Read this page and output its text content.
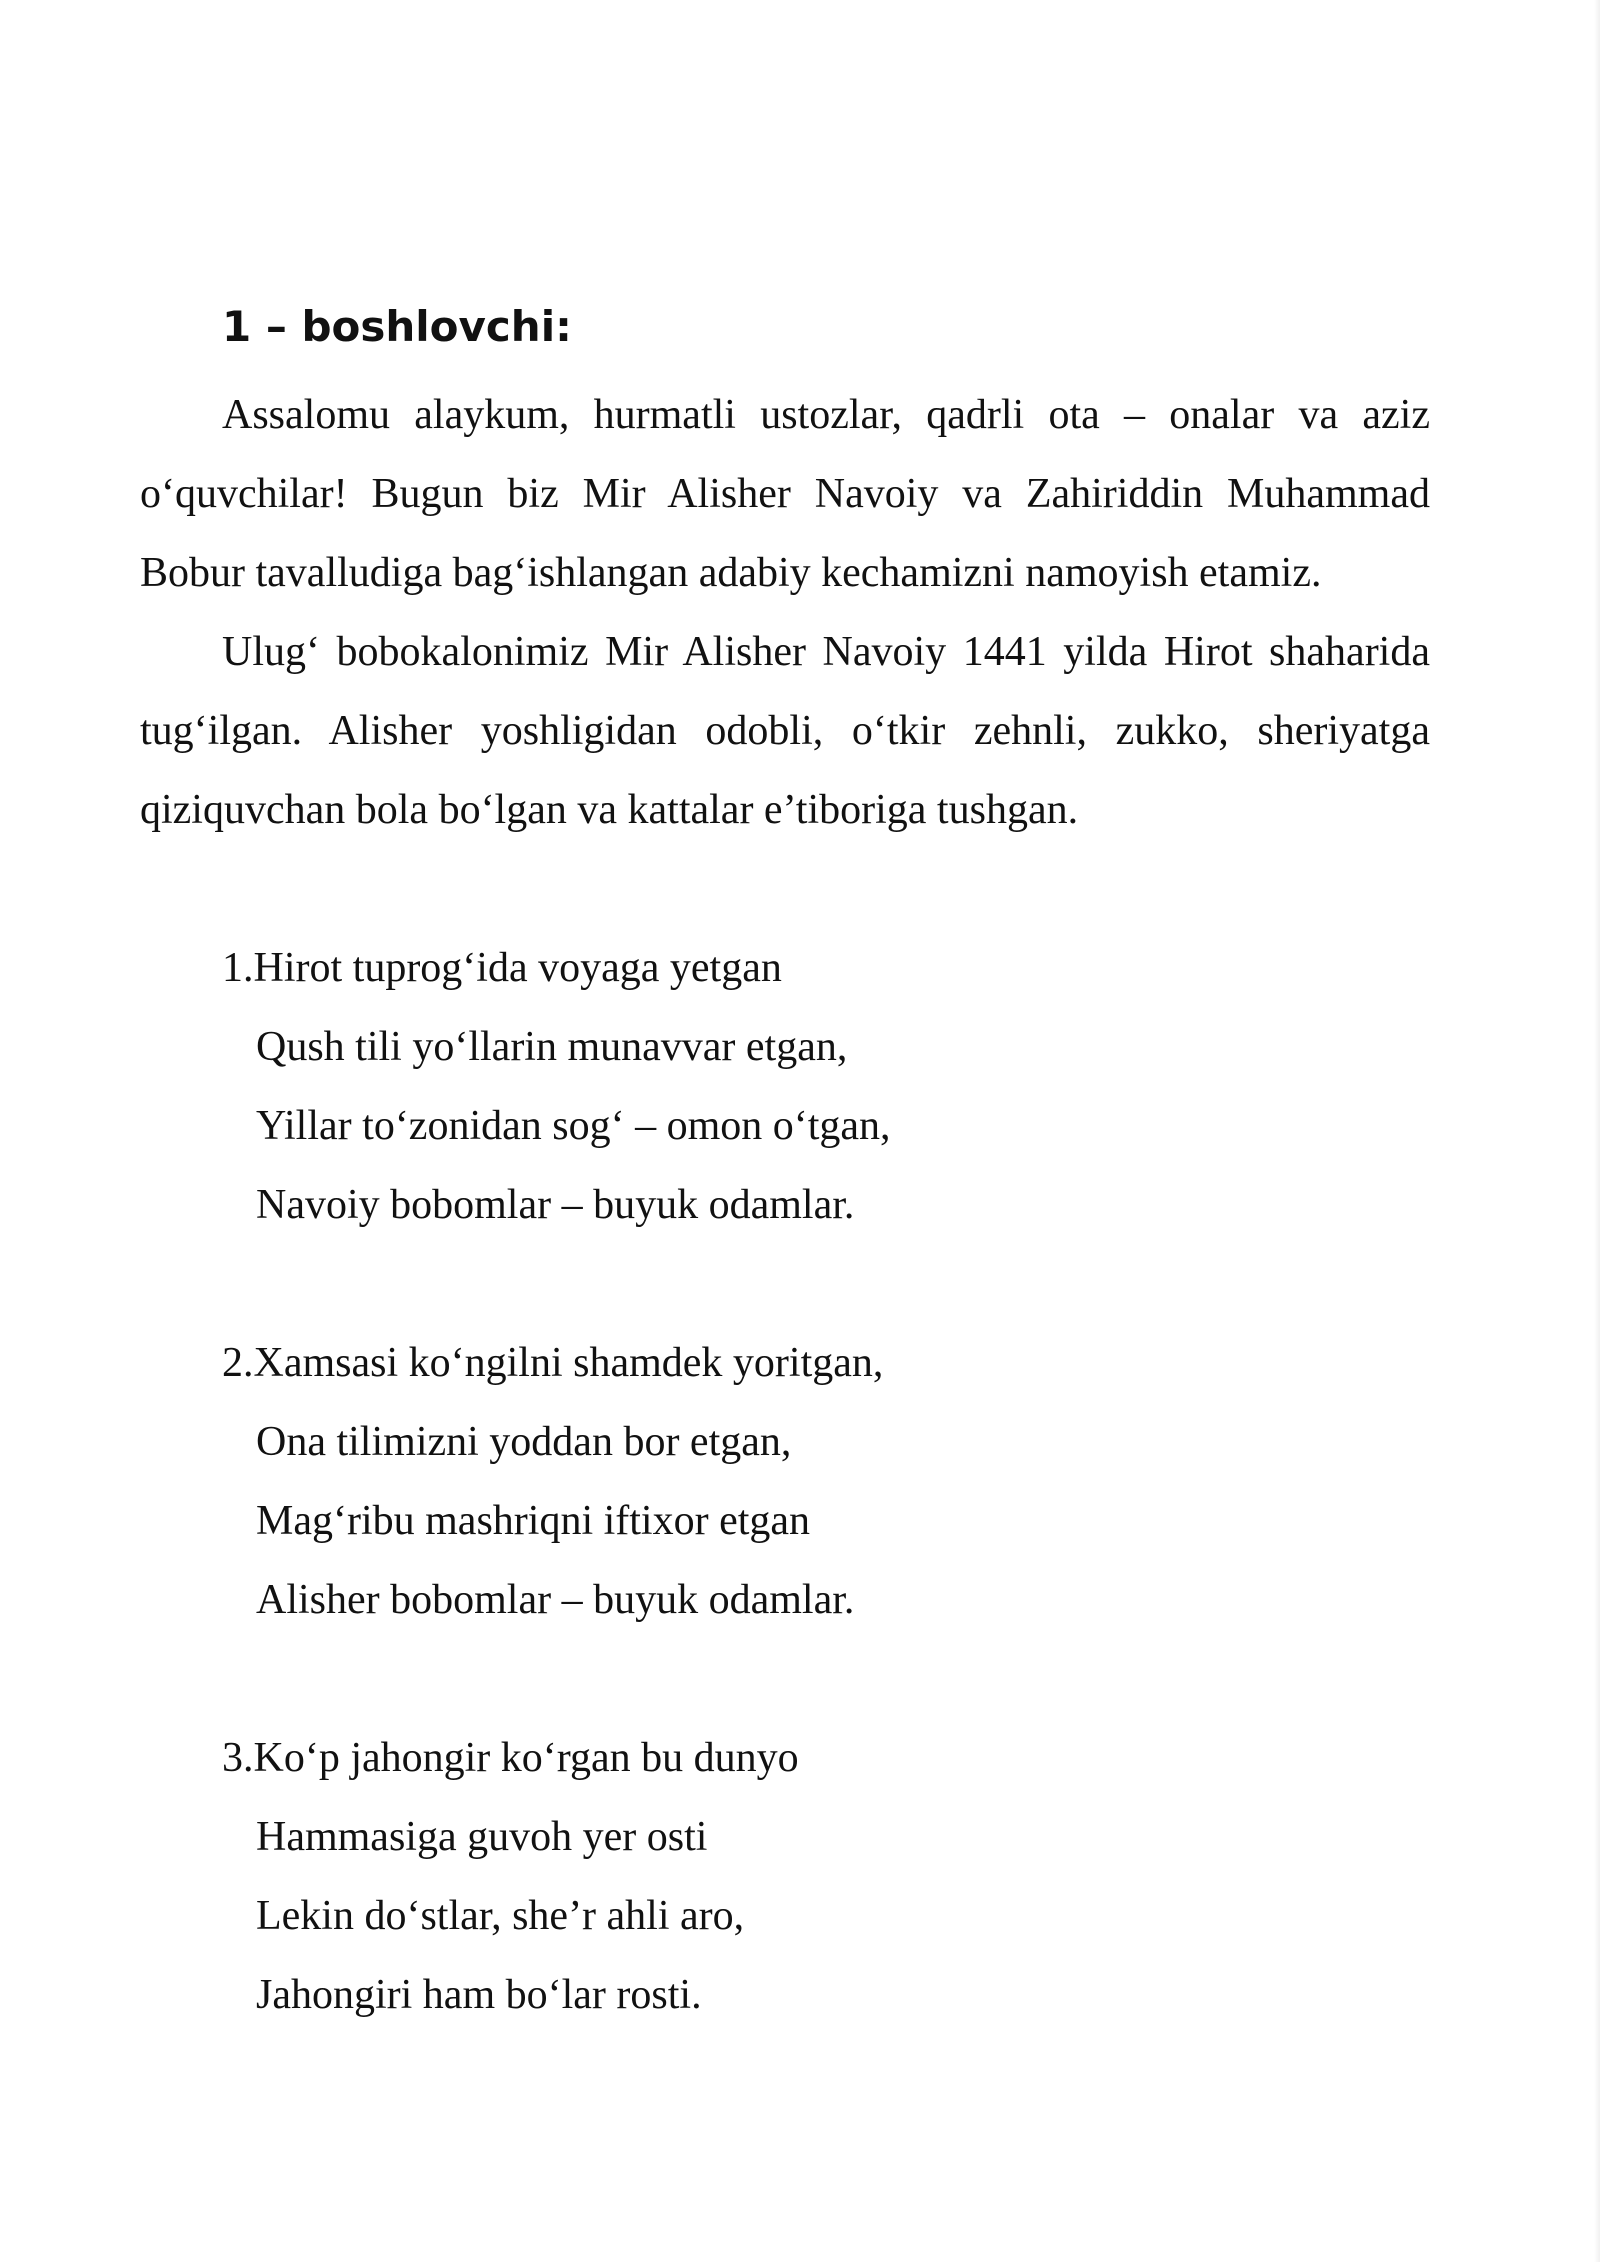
1 – boshlovchi:

Assalomu alaykum, hurmatli ustozlar, qadrli ota – onalar va aziz o‘quvchilar! Bugun biz Mir Alisher Navoiy va Zahiriddin Muhammad Bobur tavalludiga bag‘ishlangan adabiy kechamizni namoyish etamiz.

Ulug‘ bobokalonimiz Mir Alisher Navoiy 1441 yilda Hirot shaharida tug‘ilgan. Alisher yoshligidan odobli, o‘tkir zehnli, zukko, sheriyatga qiziquvchan bola bo‘lgan va kattalar e’tiboriga tushgan.

1.Hirot tuprog‘ida voyaga yetgan
Qush tili yo‘llarin munavvar etgan,
Yillar to‘zonidan sog‘ – omon o‘tgan,
Navoiy bobomlar – buyuk odamlar.
2.Xamsasi ko‘ngilni shamdek yoritgan,
Ona tilimizni yoddan bor etgan,
Mag‘ribu mashriqni iftixor etgan
Alisher bobomlar – buyuk odamlar.
3.Ko‘p jahongir ko‘rgan bu dunyo
Hammasiga guvoh yer osti
Lekin do‘stlar, she’r ahli aro,
Jahongiri ham bo‘lar rosti.
